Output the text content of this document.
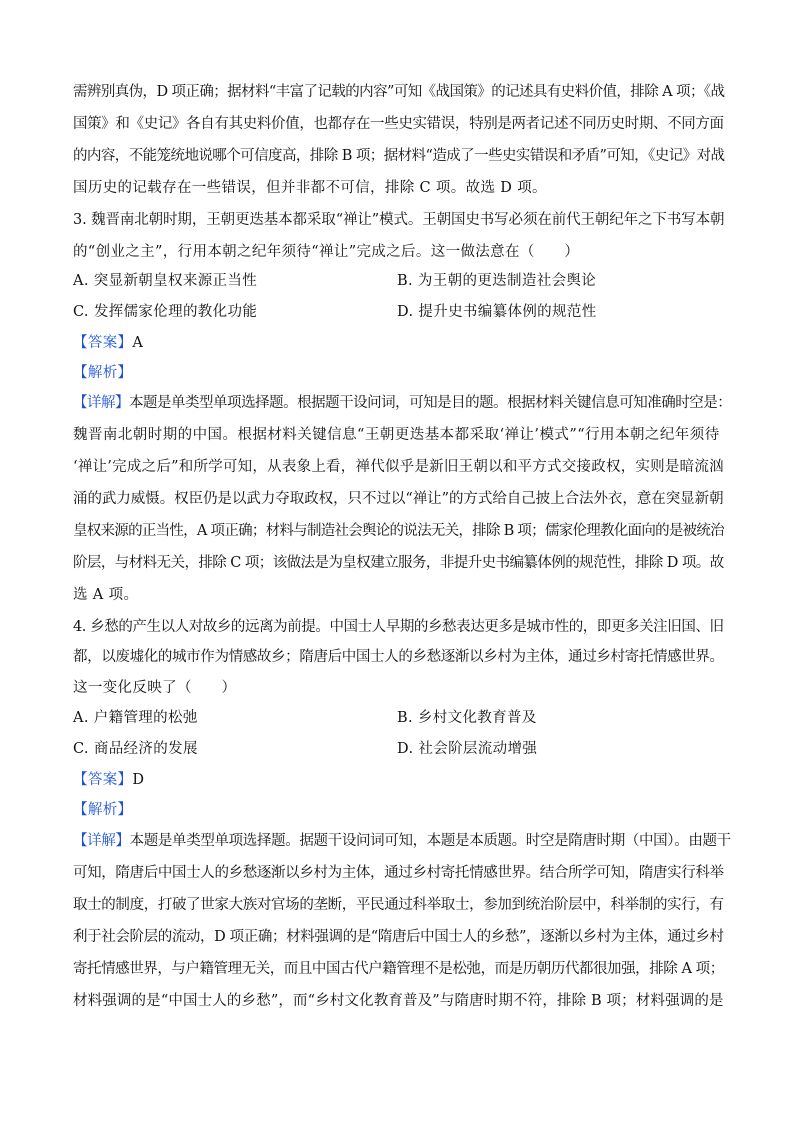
需辨别真伪，D 项正确；据材料“丰富了记载的内容”可知《战国策》的记述具有史料价值，排除 A 项；《战
国策》和《史记》各自有其史料价值，也都存在一些史实错误，特别是两者记述不同历史时期、不同方面
的内容，不能笼统地说哪个可信度高，排除 B 项；据材料“造成了一些史实错误和矛盾”可知，《史记》对战
国历史的记载存在一些错误，但并非都不可信，排除 C 项。故选 D 项。
3. 魏晋南北朝时期，王朝更迭基本都采取“禅让”模式。王朝国史书写必须在前代王朝纪年之下书写本朝
的“创业之主”，行用本朝之纪年须待“禅让”完成之后。这一做法意在（　　）
A. 突显新朝皇权来源正当性	B. 为王朝的更迭制造社会舆论
C. 发挥儒家伦理的教化功能	D. 提升史书编纂体例的规范性
【答案】A
【解析】
【详解】本题是单类型单项选择题。根据题干设问词，可知是目的题。根据材料关键信息可知准确时空是：
魏晋南北朝时期的中国。根据材料关键信息“王朝更迭基本都采取‘禅让’模式”“行用本朝之纪年须待
‘禅让’完成之后”和所学可知，从表象上看，禅代似乎是新旧王朝以和平方式交接政权，实则是暗流汹
涌的武力威慑。权臣仍是以武力夺取政权，只不过以“禅让”的方式给自己披上合法外衣，意在突显新朝
皇权来源的正当性，A 项正确；材料与制造社会舆论的说法无关，排除 B 项；儒家伦理教化面向的是被统治
阶层，与材料无关，排除 C 项；该做法是为皇权建立服务，非提升史书编纂体例的规范性，排除 D 项。故
选 A 项。
4. 乡愁的产生以人对故乡的远离为前提。中国士人早期的乡愁表达更多是城市性的，即更多关注旧国、旧
都，以废墟化的城市作为情感故乡；隋唐后中国士人的乡愁逐渐以乡村为主体，通过乡村寄托情感世界。
这一变化反映了（　　）
A. 户籍管理的松弛	B. 乡村文化教育普及
C. 商品经济的发展	D. 社会阶层流动增强
【答案】D
【解析】
【详解】本题是单类型单项选择题。据题干设问词可知，本题是本质题。时空是隋唐时期（中国）。由题干
可知，隋唐后中国士人的乡愁逐渐以乡村为主体，通过乡村寄托情感世界。结合所学可知，隋唐实行科举
取士的制度，打破了世家大族对官场的垄断，平民通过科举取士，参加到统治阶层中，科举制的实行，有
利于社会阶层的流动，D 项正确；材料强调的是“隋唐后中国士人的乡愁”，逐渐以乡村为主体，通过乡村
寄托情感世界，与户籍管理无关，而且中国古代户籍管理不是松弛，而是历朝历代都很加强，排除 A 项；
材料强调的是“中国士人的乡愁”，而“乡村文化教育普及”与隋唐时期不符，排除 B 项；材料强调的是
